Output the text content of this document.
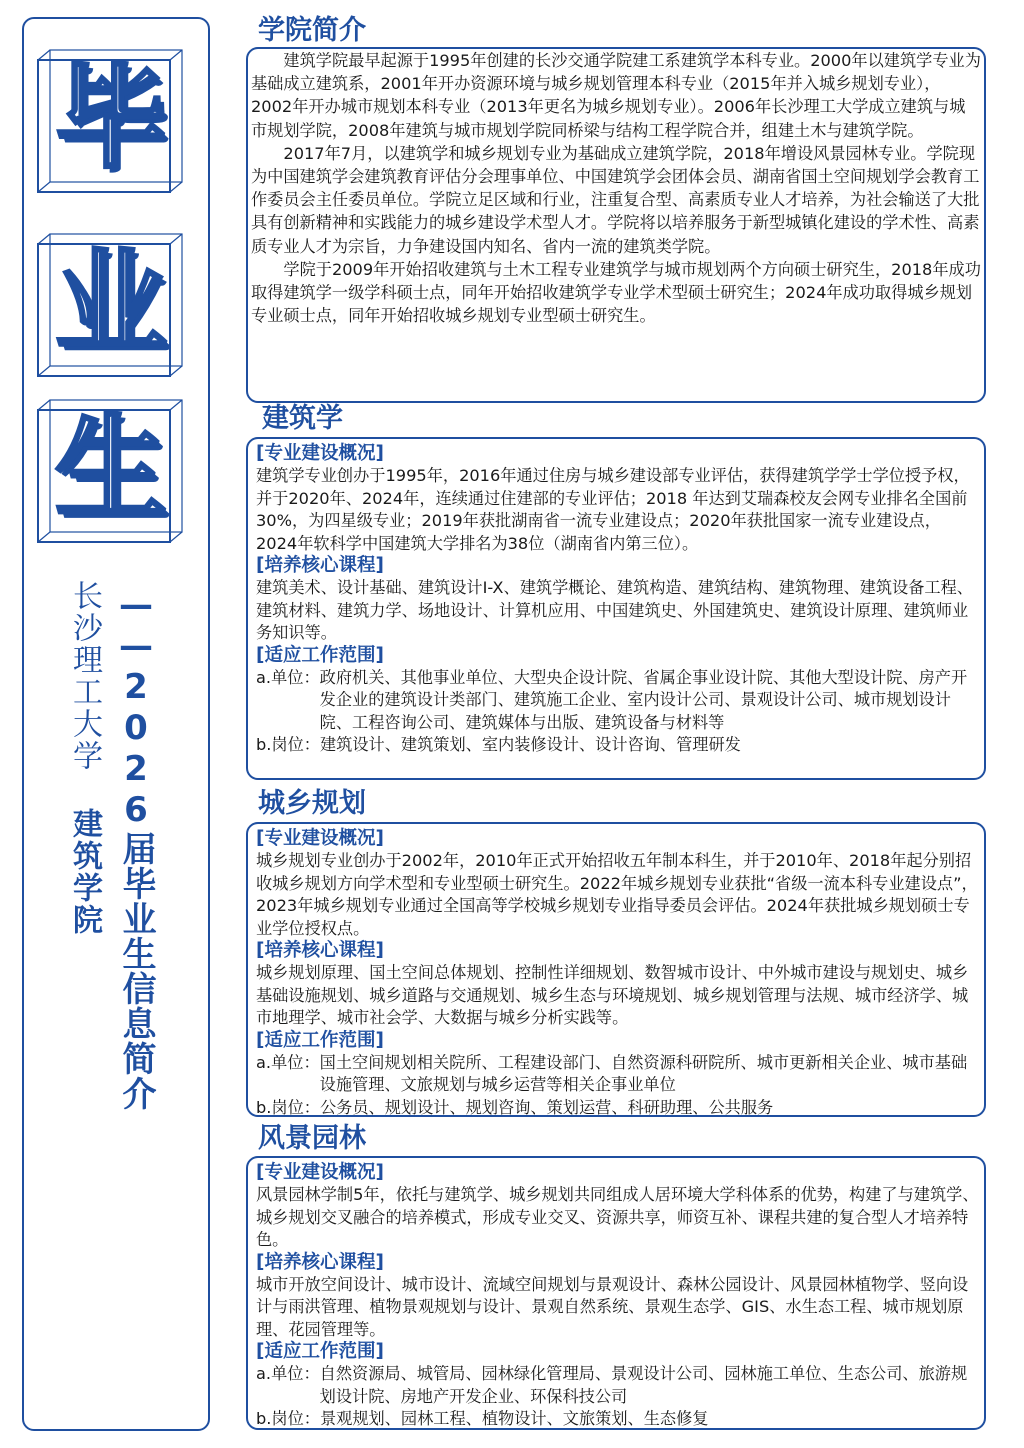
毕
业
生
长沙理工大学
建筑学院 ——2026届毕业生信息简介
学院简介

建筑学院最早起源于1995年创建的长沙交通学院建工系建筑学本科专业。2000年以建筑学专业为基础成立建筑系，2001年开办资源环境与城乡规划管理本科专业（2015年并入城乡规划专业），2002年开办城市规划本科专业（2013年更名为城乡规划专业）。2006年长沙理工大学成立建筑与城市规划学院，2008年建筑与城市规划学院同桥梁与结构工程学院合并，组建土木与建筑学院。

2017年7月，以建筑学和城乡规划专业为基础成立建筑学院，2018年增设风景园林专业。学院现为中国建筑学会建筑教育评估分会理事单位、中国建筑学会团体会员、湖南省国土空间规划学会教育工作委员会主任委员单位。学院立足区域和行业，注重复合型、高素质专业人才培养，为社会输送了大批具有创新精神和实践能力的城乡建设学术型人才。学院将以培养服务于新型城镇化建设的学术性、高素质专业人才为宗旨，力争建设国内知名、省内一流的建筑类学院。

学院于2009年开始招收建筑与土木工程专业建筑学与城市规划两个方向硕士研究生，2018年成功取得建筑学一级学科硕士点，同年开始招收建筑学专业学术型硕士研究生；2024年成功取得城乡规划专业硕士点，同年开始招收城乡规划专业型硕士研究生。

建筑学
[专业建设概况]
建筑学专业创办于1995年，2016年通过住房与城乡建设部专业评估，获得建筑学学士学位授予权，并于2020年、2024年，连续通过住建部的专业评估；2018 年达到艾瑞森校友会网专业排名全国前30%，为四星级专业；2019年获批湖南省一流专业建设点；2020年获批国家一流专业建设点，2024年软科学中国建筑大学排名为38位（湖南省内第三位）。
[培养核心课程]
建筑美术、设计基础、建筑设计I-X、建筑学概论、建筑构造、建筑结构、建筑物理、建筑设备工程、建筑材料、建筑力学、场地设计、计算机应用、中国建筑史、外国建筑史、建筑设计原理、建筑师业务知识等。
[适应工作范围]
a.单位： 政府机关、其他事业单位、大型央企设计院、省属企事业设计院、其他大型设计院、房产开发企业的建筑设计类部门、建筑施工企业、室内设计公司、景观设计公司、城市规划设计院、工程咨询公司、建筑媒体与出版、建筑设备与材料等
b.岗位： 建筑设计、建筑策划、室内装修设计、设计咨询、管理研发
城乡规划
[专业建设概况]
城乡规划专业创办于2002年，2010年正式开始招收五年制本科生，并于2010年、2018年起分别招收城乡规划方向学术型和专业型硕士研究生。2022年城乡规划专业获批“省级一流本科专业建设点”，2023年城乡规划专业通过全国高等学校城乡规划专业指导委员会评估。2024年获批城乡规划硕士专业学位授权点。
[培养核心课程]
城乡规划原理、国土空间总体规划、控制性详细规划、数智城市设计、中外城市建设与规划史、城乡基础设施规划、城乡道路与交通规划、城乡生态与环境规划、城乡规划管理与法规、城市经济学、城市地理学、城市社会学、大数据与城乡分析实践等。
[适应工作范围]
a.单位： 国土空间规划相关院所、工程建设部门、自然资源科研院所、城市更新相关企业、城市基础设施管理、文旅规划与城乡运营等相关企事业单位
b.岗位： 公务员、规划设计、规划咨询、策划运营、科研助理、公共服务
风景园林
[专业建设概况]
风景园林学制5年，依托与建筑学、城乡规划共同组成人居环境大学科体系的优势，构建了与建筑学、城乡规划交叉融合的培养模式，形成专业交叉、资源共享，师资互补、课程共建的复合型人才培养特色。
[培养核心课程]
城市开放空间设计、城市设计、流域空间规划与景观设计、森林公园设计、风景园林植物学、竖向设计与雨洪管理、植物景观规划与设计、景观自然系统、景观生态学、GIS、水生态工程、城市规划原理、花园管理等。
[适应工作范围]
a.单位： 自然资源局、城管局、园林绿化管理局、景观设计公司、园林施工单位、生态公司、旅游规划设计院、房地产开发企业、环保科技公司
b.岗位： 景观规划、园林工程、植物设计、文旅策划、生态修复
